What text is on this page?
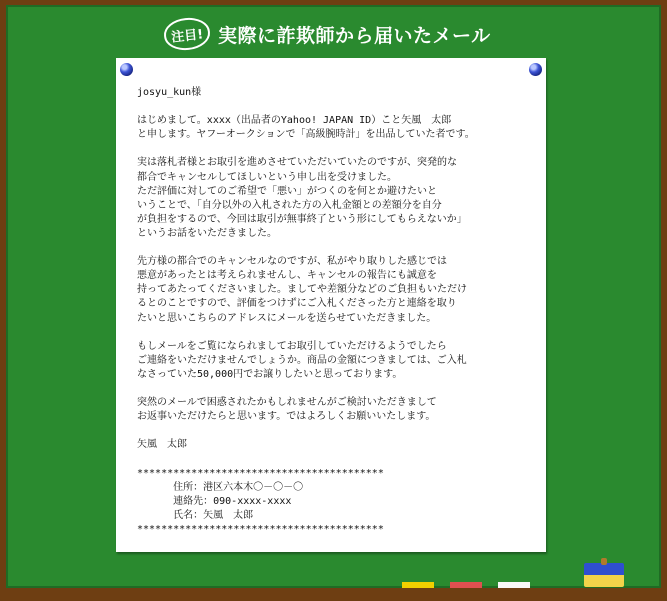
注目! 実際に詐欺師から届いたメール
josyu_kun様

はじめまして。xxxx（出品者のYahoo! JAPAN ID）こと矢風　太郎
と申します。ヤフーオークションで「高級腕時計」を出品していた者です。

実は落札者様とお取引を進めさせていただいていたのですが、突発的な
都合でキャンセルしてほしいという申し出を受けました。
ただ評価に対してのご希望で「悪い」がつくのを何とか避けたいと
いうことで、「自分以外の入札された方の入札金額との差額分を自分
が負担をするので、今回は取引が無事終了という形にしてもらえないか」
というお話をいただきました。

先方様の都合でのキャンセルなのですが、私がやり取りした感じでは
悪意があったとは考えられませんし、キャンセルの報告にも誠意を
持ってあたってくださいました。ましてや差額分などのご負担もいただけ
るとのことですので、評価をつけずにご入札くださった方と連絡を取り
たいと思いこちらのアドレスにメールを送らせていただきました。

もしメールをご覧になられましてお取引していただけるようでしたら
ご連絡をいただけませんでしょうか。商品の金額につきましては、ご入札
なさっていた50,000円でお譲りしたいと思っております。

突然のメールで困惑されたかもしれませんがご検討いただきまして
お返事いただけたらと思います。ではよろしくお願いいたします。

矢風　太郎

*****************************************
住所：港区六本木〇－〇－〇
連絡先：090-xxxx-xxxx
氏名：矢風　太郎
*****************************************
